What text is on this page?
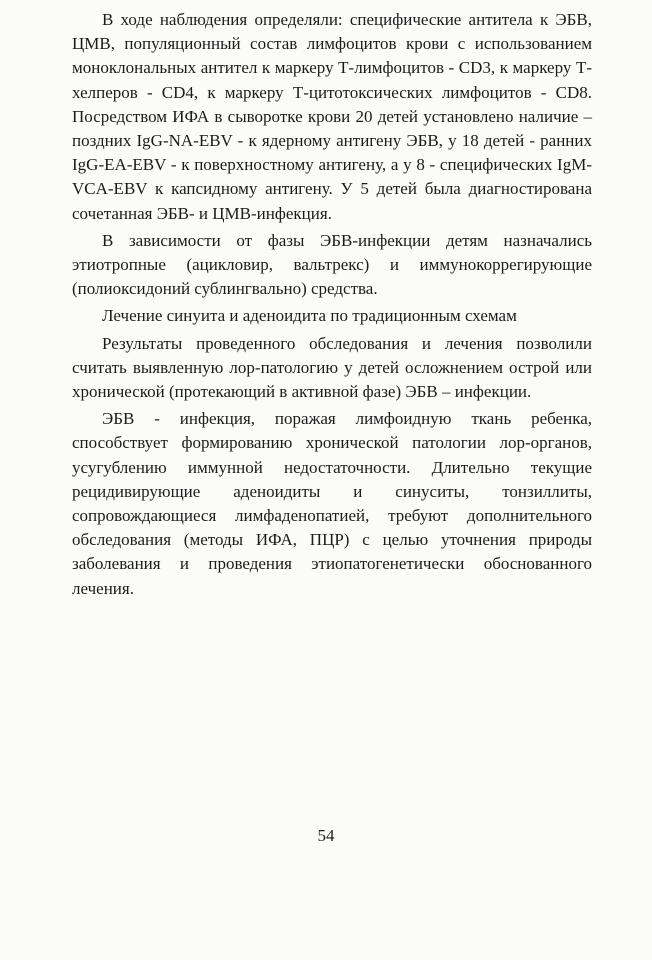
В ходе наблюдения определяли: специфические антитела к ЭБВ, ЦМВ, популяционный состав лимфоцитов крови с использованием моноклональных антител к маркеру Т-лимфоцитов - CD3, к маркеру Т-хелперов - CD4, к маркеру Т-цитотоксических лимфоцитов - CD8. Посредством ИФА в сыворотке крови 20 детей установлено наличие – поздних IgG-NA-EBV - к ядерному антигену ЭБВ, у 18 детей - ранних IgG-EA-EBV - к поверхностному антигену, а у 8 - специфических IgM-VCA-EBV к капсидному антигену. У 5 детей была диагностирована сочетанная ЭБВ- и ЦМВ-инфекция.

В зависимости от фазы ЭБВ-инфекции детям назначались этиотропные (ацикловир, вальтрекс) и иммунокоррегирующие (полиоксидоний сублингвально) средства.

Лечение синуита и аденоидита по традиционным схемам

Результаты проведенного обследования и лечения позволили считать выявленную лор-патологию у детей осложнением острой или хронической (протекающий в активной фазе) ЭБВ – инфекции.

ЭБВ - инфекция, поражая лимфоидную ткань ребенка, способствует формированию хронической патологии лор-органов, усугублению иммунной недостаточности. Длительно текущие рецидивирующие аденоидиты и синуситы, тонзиллиты, сопровождающиеся лимфаденопатией, требуют дополнительного обследования (методы ИФА, ПЦР) с целью уточнения природы заболевания и проведения этиопатогенетически обоснованного лечения.

54
